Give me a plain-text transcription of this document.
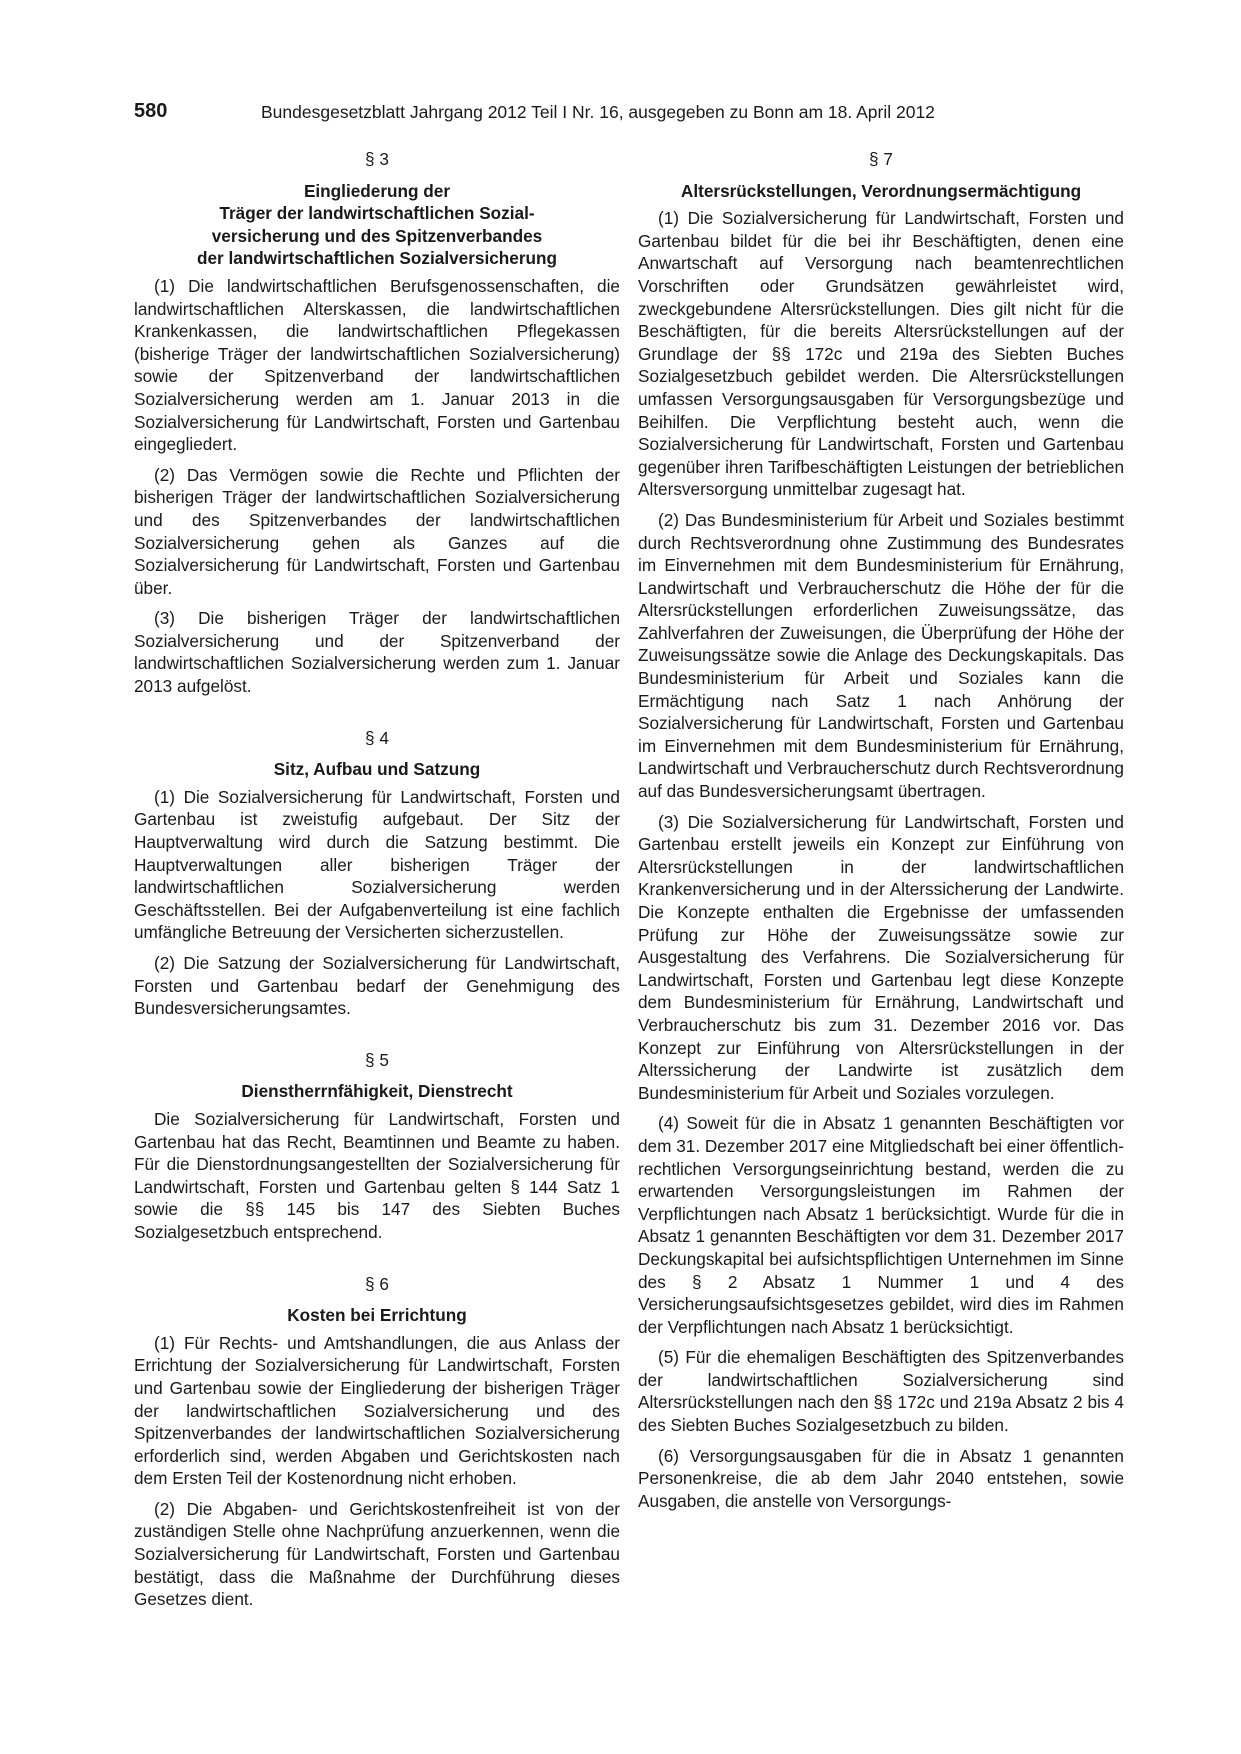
580	Bundesgesetzblatt Jahrgang 2012 Teil I Nr. 16, ausgegeben zu Bonn am 18. April 2012
§ 3
Eingliederung der
Träger der landwirtschaftlichen Sozial-
versicherung und des Spitzenverbandes
der landwirtschaftlichen Sozialversicherung

(1) Die landwirtschaftlichen Berufsgenossenschaften, die landwirtschaftlichen Alterskassen, die landwirtschaftlichen Krankenkassen, die landwirtschaftlichen Pflegekassen (bisherige Träger der landwirtschaftlichen Sozialversicherung) sowie der Spitzenverband der landwirtschaftlichen Sozialversicherung werden am 1. Januar 2013 in die Sozialversicherung für Landwirtschaft, Forsten und Gartenbau eingegliedert.

(2) Das Vermögen sowie die Rechte und Pflichten der bisherigen Träger der landwirtschaftlichen Sozialversicherung und des Spitzenverbandes der landwirtschaftlichen Sozialversicherung gehen als Ganzes auf die Sozialversicherung für Landwirtschaft, Forsten und Gartenbau über.

(3) Die bisherigen Träger der landwirtschaftlichen Sozialversicherung und der Spitzenverband der landwirtschaftlichen Sozialversicherung werden zum 1. Januar 2013 aufgelöst.

§ 4
Sitz, Aufbau und Satzung

(1) Die Sozialversicherung für Landwirtschaft, Forsten und Gartenbau ist zweistufig aufgebaut. Der Sitz der Hauptverwaltung wird durch die Satzung bestimmt. Die Hauptverwaltungen aller bisherigen Träger der landwirtschaftlichen Sozialversicherung werden Geschäftsstellen. Bei der Aufgabenverteilung ist eine fachlich umfängliche Betreuung der Versicherten sicherzustellen.

(2) Die Satzung der Sozialversicherung für Landwirtschaft, Forsten und Gartenbau bedarf der Genehmigung des Bundesversicherungsamtes.

§ 5
Dienstherrnfähigkeit, Dienstrecht

Die Sozialversicherung für Landwirtschaft, Forsten und Gartenbau hat das Recht, Beamtinnen und Beamte zu haben. Für die Dienstordnungsangestellten der Sozialversicherung für Landwirtschaft, Forsten und Gartenbau gelten § 144 Satz 1 sowie die §§ 145 bis 147 des Siebten Buches Sozialgesetzbuch entsprechend.

§ 6
Kosten bei Errichtung

(1) Für Rechts- und Amtshandlungen, die aus Anlass der Errichtung der Sozialversicherung für Landwirtschaft, Forsten und Gartenbau sowie der Eingliederung der bisherigen Träger der landwirtschaftlichen Sozialversicherung und des Spitzenverbandes der landwirtschaftlichen Sozialversicherung erforderlich sind, werden Abgaben und Gerichtskosten nach dem Ersten Teil der Kostenordnung nicht erhoben.

(2) Die Abgaben- und Gerichtskostenfreiheit ist von der zuständigen Stelle ohne Nachprüfung anzuerkennen, wenn die Sozialversicherung für Landwirtschaft, Forsten und Gartenbau bestätigt, dass die Maßnahme der Durchführung dieses Gesetzes dient.

§ 7
Altersrückstellungen, Verordnungsermächtigung

(1) Die Sozialversicherung für Landwirtschaft, Forsten und Gartenbau bildet für die bei ihr Beschäftigten, denen eine Anwartschaft auf Versorgung nach beamtenrechtlichen Vorschriften oder Grundsätzen gewährleistet wird, zweckgebundene Altersrückstellungen. Dies gilt nicht für die Beschäftigten, für die bereits Altersrückstellungen auf der Grundlage der §§ 172c und 219a des Siebten Buches Sozialgesetzbuch gebildet werden. Die Altersrückstellungen umfassen Versorgungsausgaben für Versorgungsbezüge und Beihilfen. Die Verpflichtung besteht auch, wenn die Sozialversicherung für Landwirtschaft, Forsten und Gartenbau gegenüber ihren Tarifbeschäftigten Leistungen der betrieblichen Altersversorgung unmittelbar zugesagt hat.

(2) Das Bundesministerium für Arbeit und Soziales bestimmt durch Rechtsverordnung ohne Zustimmung des Bundesrates im Einvernehmen mit dem Bundesministerium für Ernährung, Landwirtschaft und Verbraucherschutz die Höhe der für die Altersrückstellungen erforderlichen Zuweisungssätze, das Zahlverfahren der Zuweisungen, die Überprüfung der Höhe der Zuweisungssätze sowie die Anlage des Deckungskapitals. Das Bundesministerium für Arbeit und Soziales kann die Ermächtigung nach Satz 1 nach Anhörung der Sozialversicherung für Landwirtschaft, Forsten und Gartenbau im Einvernehmen mit dem Bundesministerium für Ernährung, Landwirtschaft und Verbraucherschutz durch Rechtsverordnung auf das Bundesversicherungsamt übertragen.

(3) Die Sozialversicherung für Landwirtschaft, Forsten und Gartenbau erstellt jeweils ein Konzept zur Einführung von Altersrückstellungen in der landwirtschaftlichen Krankenversicherung und in der Alterssicherung der Landwirte. Die Konzepte enthalten die Ergebnisse der umfassenden Prüfung zur Höhe der Zuweisungssätze sowie zur Ausgestaltung des Verfahrens. Die Sozialversicherung für Landwirtschaft, Forsten und Gartenbau legt diese Konzepte dem Bundesministerium für Ernährung, Landwirtschaft und Verbraucherschutz bis zum 31. Dezember 2016 vor. Das Konzept zur Einführung von Altersrückstellungen in der Alterssicherung der Landwirte ist zusätzlich dem Bundesministerium für Arbeit und Soziales vorzulegen.

(4) Soweit für die in Absatz 1 genannten Beschäftigten vor dem 31. Dezember 2017 eine Mitgliedschaft bei einer öffentlich-rechtlichen Versorgungseinrichtung bestand, werden die zu erwartenden Versorgungsleistungen im Rahmen der Verpflichtungen nach Absatz 1 berücksichtigt. Wurde für die in Absatz 1 genannten Beschäftigten vor dem 31. Dezember 2017 Deckungskapital bei aufsichtspflichtigen Unternehmen im Sinne des § 2 Absatz 1 Nummer 1 und 4 des Versicherungsaufsichtsgesetzes gebildet, wird dies im Rahmen der Verpflichtungen nach Absatz 1 berücksichtigt.

(5) Für die ehemaligen Beschäftigten des Spitzenverbandes der landwirtschaftlichen Sozialversicherung sind Altersrückstellungen nach den §§ 172c und 219a Absatz 2 bis 4 des Siebten Buches Sozialgesetzbuch zu bilden.

(6) Versorgungsausgaben für die in Absatz 1 genannten Personenkreise, die ab dem Jahr 2040 entstehen, sowie Ausgaben, die anstelle von Versorgungs-
